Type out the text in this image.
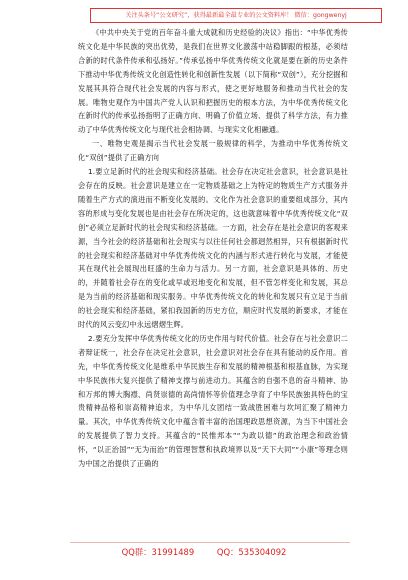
关注头条号“公文研究”，获得最新最全最专业的公文资料库！ 微信：gongwenyj

《中共中央关于党的百年奋斗重大成就和历史经验的决议》指出：“中华优秀传统文化是中华民族的突出优势，是我们在世界文化激荡中站稳脚跟的根基，必须结合新的时代条件传承和弘扬好。”传承弘扬中华优秀传统文化就是要在新的历史条件下推动中华优秀传统文化创造性转化和创新性发展（以下简称“双创”），充分挖掘和发展其具符合现代社会发展的内容与形式，使之更好地服务和推动当代社会的发展。唯物史观作为中国共产党人认识和把握历史的根本方法，为中华优秀传统文化在新时代的传承弘扬指明了正确方向、明确了价值立场、提供了科学方法，有力推动了中华优秀传统文化与现代社会相协调、与现实文化相融通。

一、唯物史观是揭示当代社会发展一般规律的科学，为推动中华优秀传统文化“双创”提供了正确方向

1.要立足新时代的社会现实和经济基础。社会存在决定社会意识，社会意识是社会存在的反映。社会意识是建立在一定物质基础之上为特定的物质生产方式服务并随着生产方式的演进而不断变化发展的。文化作为社会意识的重要组成部分，其内容的形成与变化发展也是由社会存在所决定的，这也就意味着中华优秀传统文化“双创”必须立足新时代的社会现实和经济基础。一方面，社会存在是社会意识的客观来源，当今社会的经济基础和社会现实与以往任何社会都迥然相异，只有根据新时代的社会现实和经济基础对中华优秀传统文化的内涵与形式进行转化与发展，才能使其在现代社会展现出旺盛的生命力与活力。另一方面，社会意识是具体的、历史的，并随着社会存在的变化或早或迟地变化和发展，但不管怎样变化和发展，其总是为当前的经济基础和现实服务。中华优秀传统文化的转化和发展只有立足于当前的社会现实和经济基础，紧扣我国新的历史方位，顺应时代发展的新要求，才能在时代的风云变幻中永远熠熠生辉。

2.要充分发挥中华优秀传统文化的历史作用与时代价值。社会存在与社会意识二者辩证统一，社会存在决定社会意识，社会意识对社会存在具有能动的反作用。首先，中华优秀传统文化是维系中华民族生存和发展的精神根基和根基血脉，为实现中华民族伟大复兴提供了精神支撑与前进动力。其蕴含的自强不息的奋斗精神、协和万邦的博大胸襟、尚贤崇德的高尚情怀等价值理念孕育了中华民族独具特色的宝贵精神品格和崇高精神追求，为中华儿女团结一致战胜困难与坎坷汇聚了精神力量。其次，中华优秀传统文化中蕴含着丰富的治国理政思想资源，为当下中国社会的发展提供了智力支持。其蕴含的“民惟邦本”“为政以德”的政治理念和政治情怀，“以正治国”“无为而治”的管理智慧和执政境界以及“天下大同”“小康”等理念则为中国之治提供了正确的

QQ群：31991489	QQ：535304092
